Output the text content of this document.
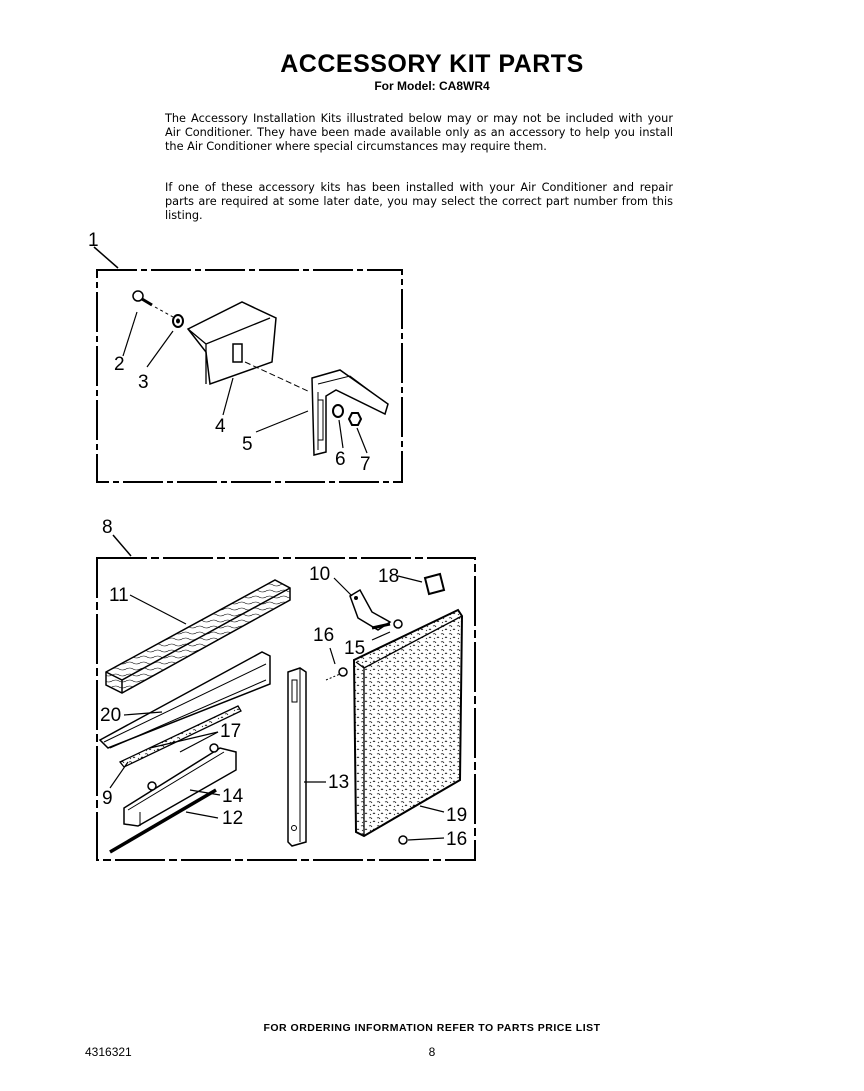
ACCESSORY KIT PARTS
For Model: CA8WR4
The Accessory Installation Kits illustrated below may or may not be included with your Air Conditioner. They have been made available only as an accessory to help you install the Air Conditioner where special circumstances may require them.
If one of these accessory kits has been installed with your Air Conditioner and repair parts are required at some later date, you may select the correct part number from this listing.
1
2
3
4
5
6 7
8
11
10	18
15
16
20
17
9	14
12
13
19
16
FOR ORDERING INFORMATION REFER TO PARTS PRICE LIST
4316321	8
